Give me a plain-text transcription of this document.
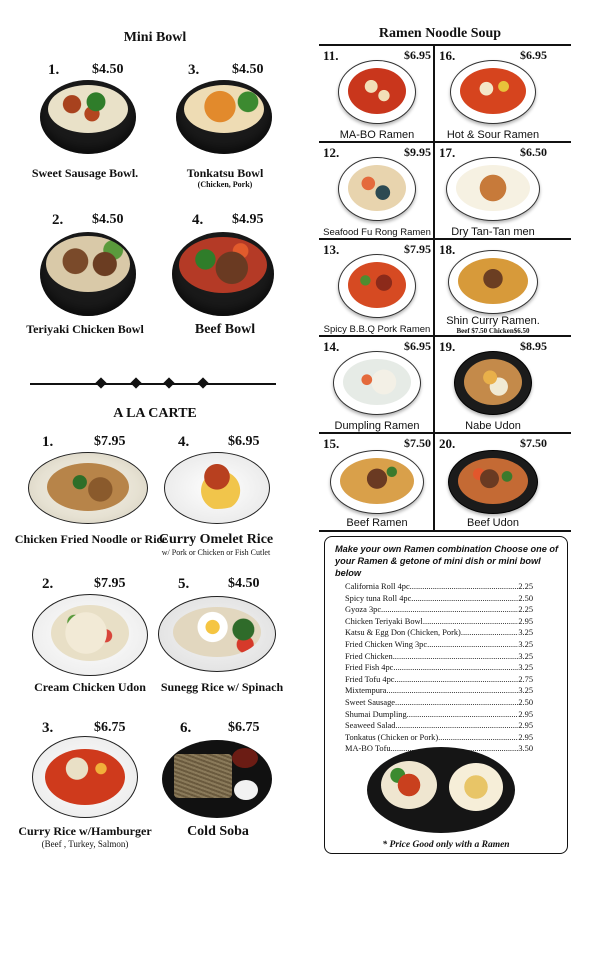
Mini Bowl
1. $4.50
Sweet Sausage Bowl.
3. $4.50
Tonkatsu Bowl
(Chicken, Pork)
2. $4.50
Teriyaki Chicken Bowl
4. $4.95
Beef Bowl
A LA CARTE
1.	$7.95
Chicken Fried Noodle or Rice
4.	$6.95
Curry Omelet Rice
w/ Pork or Chicken or Fish Cutlet
2.	$7.95
Cream Chicken Udon
5.	$4.50
Sunegg Rice w/ Spinach
3.	$6.75
Curry Rice w/Hamburger
(Beef , Turkey, Salmon)
6.	$6.75
Cold Soba
Ramen Noodle Soup
11.	$6.95
MA-BO Ramen
16.	$6.95
Hot & Sour Ramen
12.	$9.95
Seafood Fu Rong Ramen
17.	$6.50
Dry Tan-Tan men
13.	$7.95
Spicy B.B.Q Pork Ramen
18.
Shin Curry Ramen.
Beef $7.50 Chicken$6.50
14.	$6.95
Dumpling Ramen
19.	$8.95
Nabe Udon
15.	$7.50
Beef Ramen
20.	$7.50
Beef Udon
Make your own Ramen combination Choose one of your Ramen & getone of mini dish or mini bowl below
California Roll 4pc .....	2.25
Spicy tuna Roll 4pc .....	2.50
Gyoza 3pc .....	2.25
Chicken Teriyaki Bowl .....	2.95
Katsu & Egg Don (Chicken, Pork) .....	3.25
Fried Chicken Wing 3pc .....	3.25
Fried Chicken .....	3.25
Fried Fish 4pc .....	3.25
Fried Tofu 4pc .....	2.75
Mixtempura .....	3.25
Sweet Sausage .....	2.50
Shumai Dumpling .....	2.95
Seaweed Salad .....	2.95
Tonkatus (Chicken or Pork) .....	2.95
MA-BO Tofu .....	3.50
* Price Good only with a Ramen
